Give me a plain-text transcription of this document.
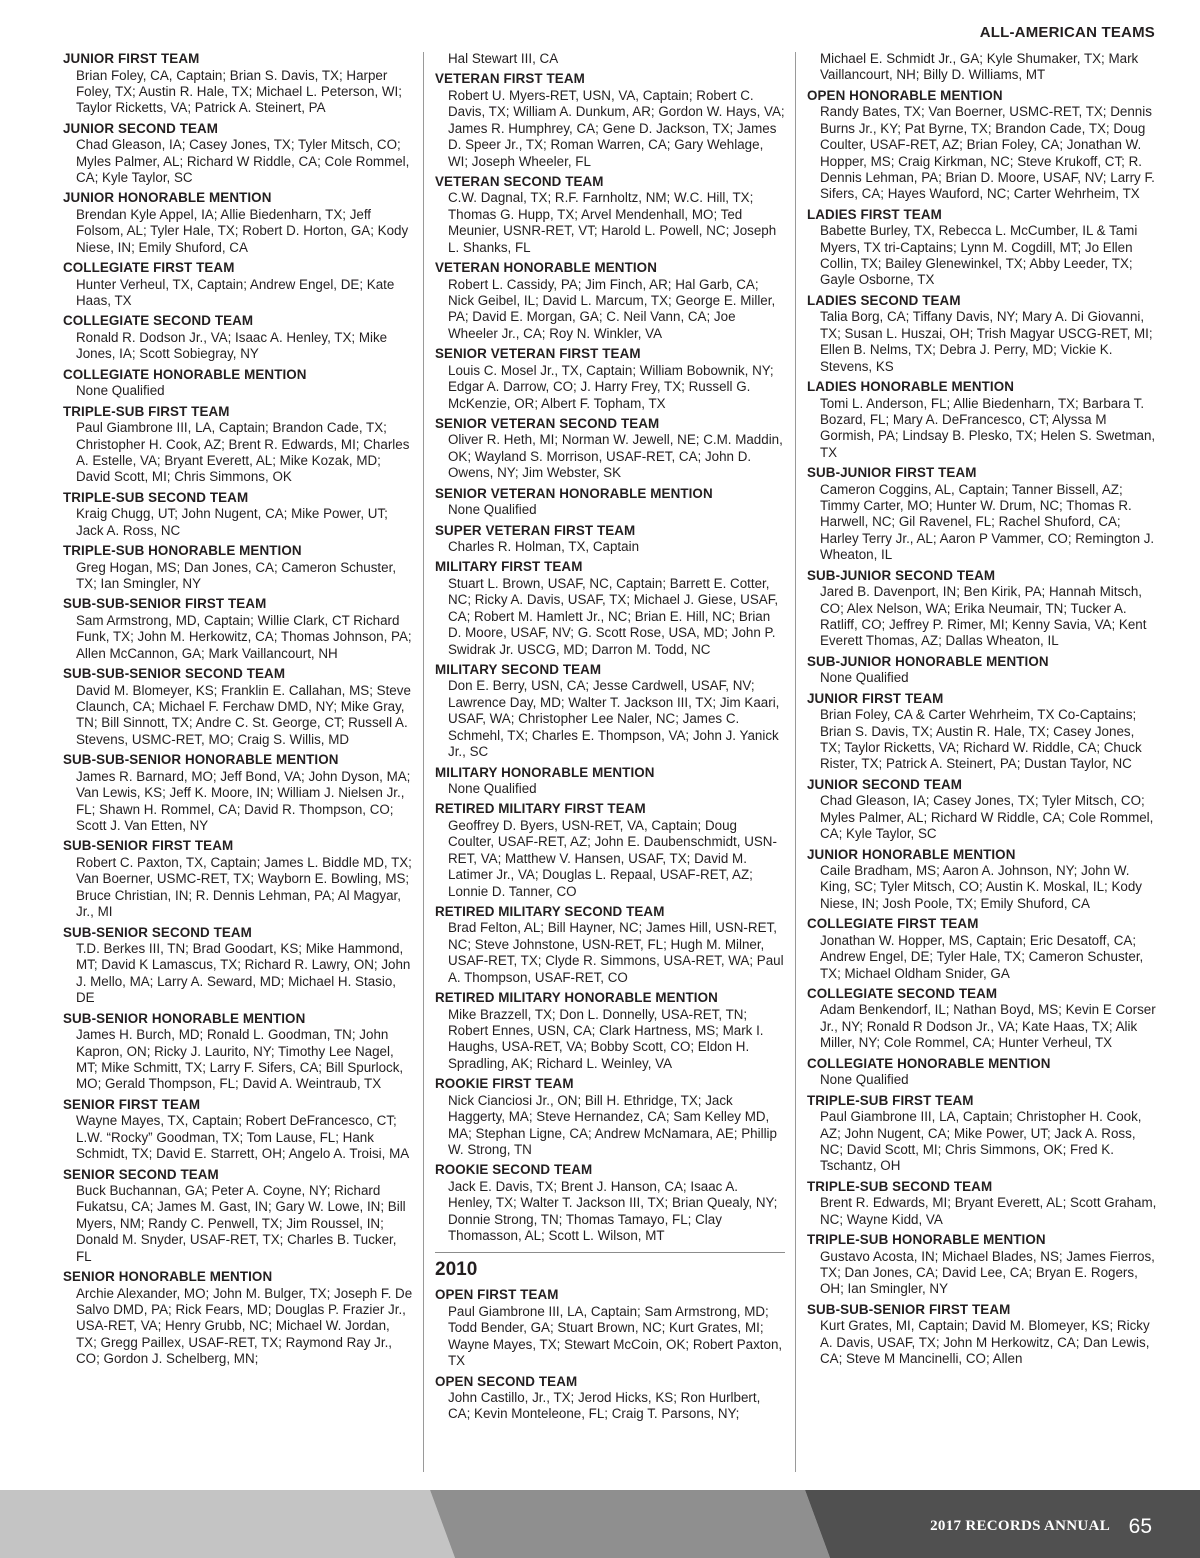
ALL-AMERICAN TEAMS
JUNIOR FIRST TEAM
Brian Foley, CA, Captain; Brian S. Davis, TX; Harper Foley, TX; Austin R. Hale, TX; Michael L. Peterson, WI; Taylor Ricketts, VA; Patrick A. Steinert, PA
JUNIOR SECOND TEAM
Chad Gleason, IA; Casey Jones, TX; Tyler Mitsch, CO; Myles Palmer, AL; Richard W Riddle, CA; Cole Rommel, CA; Kyle Taylor, SC
JUNIOR HONORABLE MENTION
Brendan Kyle Appel, IA; Allie Biedenharn, TX; Jeff Folsom, AL; Tyler Hale, TX; Robert D. Horton, GA; Kody Niese, IN; Emily Shuford, CA
COLLEGIATE FIRST TEAM
Hunter Verheul, TX, Captain; Andrew Engel, DE; Kate Haas, TX
COLLEGIATE SECOND TEAM
Ronald R. Dodson Jr., VA; Isaac A. Henley, TX; Mike Jones, IA; Scott Sobiegray, NY
COLLEGIATE HONORABLE MENTION
None Qualified
TRIPLE-SUB FIRST TEAM
Paul Giambrone III, LA, Captain; Brandon Cade, TX; Christopher H. Cook, AZ; Brent R. Edwards, MI; Charles A. Estelle, VA; Bryant Everett, AL; Mike Kozak, MD; David Scott, MI; Chris Simmons, OK
TRIPLE-SUB SECOND TEAM
Kraig Chugg, UT; John Nugent, CA; Mike Power, UT; Jack A. Ross, NC
TRIPLE-SUB HONORABLE MENTION
Greg Hogan, MS; Dan Jones, CA; Cameron Schuster, TX; Ian Smingler, NY
SUB-SUB-SENIOR FIRST TEAM
Sam Armstrong, MD, Captain; Willie Clark, CT Richard Funk, TX; John M. Herkowitz, CA; Thomas Johnson, PA; Allen McCannon, GA; Mark Vaillancourt, NH
SUB-SUB-SENIOR SECOND TEAM
David M. Blomeyer, KS; Franklin E. Callahan, MS; Steve Claunch, CA; Michael F. Ferchaw DMD, NY; Mike Gray, TN; Bill Sinnott, TX; Andre C. St. George, CT; Russell A. Stevens, USMC-RET, MO; Craig S. Willis, MD
SUB-SUB-SENIOR HONORABLE MENTION
James R. Barnard, MO; Jeff Bond, VA; John Dyson, MA; Van Lewis, KS; Jeff K. Moore, IN; William J. Nielsen Jr., FL; Shawn H. Rommel, CA; David R. Thompson, CO; Scott J. Van Etten, NY
SUB-SENIOR FIRST TEAM
Robert C. Paxton, TX, Captain; James L. Biddle MD, TX; Van Boerner, USMC-RET, TX; Wayborn E. Bowling, MS; Bruce Christian, IN; R. Dennis Lehman, PA; Al Magyar, Jr., MI
SUB-SENIOR SECOND TEAM
T.D. Berkes III, TN; Brad Goodart, KS; Mike Hammond, MT; David K Lamascus, TX; Richard R. Lawry, ON; John J. Mello, MA; Larry A. Seward, MD; Michael H. Stasio, DE
SUB-SENIOR HONORABLE MENTION
James H. Burch, MD; Ronald L. Goodman, TN; John Kapron, ON; Ricky J. Laurito, NY; Timothy Lee Nagel, MT; Mike Schmitt, TX; Larry F. Sifers, CA; Bill Spurlock, MO; Gerald Thompson, FL; David A. Weintraub, TX
SENIOR FIRST TEAM
Wayne Mayes, TX, Captain; Robert DeFrancesco, CT; L.W. “Rocky” Goodman, TX; Tom Lause, FL; Hank Schmidt, TX; David E. Starrett, OH; Angelo A. Troisi, MA
SENIOR SECOND TEAM
Buck Buchannan, GA; Peter A. Coyne, NY; Richard Fukatsu, CA; James M. Gast, IN; Gary W. Lowe, IN; Bill Myers, NM; Randy C. Penwell, TX; Jim Roussel, IN; Donald M. Snyder, USAF-RET, TX; Charles B. Tucker, FL
SENIOR HONORABLE MENTION
Archie Alexander, MO; John M. Bulger, TX; Joseph F. De Salvo DMD, PA; Rick Fears, MD; Douglas P. Frazier Jr., USA-RET, VA; Henry Grubb, NC; Michael W. Jordan, TX; Gregg Paillex, USAF-RET, TX; Raymond Ray Jr., CO; Gordon J. Schelberg, MN;
Hal Stewart III, CA
VETERAN FIRST TEAM
Robert U. Myers-RET, USN, VA, Captain; Robert C. Davis, TX; William A. Dunkum, AR; Gordon W. Hays, VA; James R. Humphrey, CA; Gene D. Jackson, TX; James D. Speer Jr., TX; Roman Warren, CA; Gary Wehlage, WI; Joseph Wheeler, FL
VETERAN SECOND TEAM
C.W. Dagnal, TX; R.F. Farnholtz, NM; W.C. Hill, TX; Thomas G. Hupp, TX; Arvel Mendenhall, MO; Ted Meunier, USNR-RET, VT; Harold L. Powell, NC; Joseph L. Shanks, FL
VETERAN HONORABLE MENTION
Robert L. Cassidy, PA; Jim Finch, AR; Hal Garb, CA; Nick Geibel, IL; David L. Marcum, TX; George E. Miller, PA; David E. Morgan, GA; C. Neil Vann, CA; Joe Wheeler Jr., CA; Roy N. Winkler, VA
SENIOR VETERAN FIRST TEAM
Louis C. Mosel Jr., TX, Captain; William Bobownik, NY; Edgar A. Darrow, CO; J. Harry Frey, TX; Russell G. McKenzie, OR; Albert F. Topham, TX
SENIOR VETERAN SECOND TEAM
Oliver R. Heth, MI; Norman W. Jewell, NE; C.M. Maddin, OK; Wayland S. Morrison, USAF-RET, CA; John D. Owens, NY; Jim Webster, SK
SENIOR VETERAN HONORABLE MENTION
None Qualified
SUPER VETERAN FIRST TEAM
Charles R. Holman, TX, Captain
MILITARY FIRST TEAM
Stuart L. Brown, USAF, NC, Captain; Barrett E. Cotter, NC; Ricky A. Davis, USAF, TX; Michael J. Giese, USAF, CA; Robert M. Hamlett Jr., NC; Brian E. Hill, NC; Brian D. Moore, USAF, NV; G. Scott Rose, USA, MD; John P. Swidrak Jr. USCG, MD; Darron M. Todd, NC
MILITARY SECOND TEAM
Don E. Berry, USN, CA; Jesse Cardwell, USAF, NV; Lawrence Day, MD; Walter T. Jackson III, TX; Jim Kaari, USAF, WA; Christopher Lee Naler, NC; James C. Schmehl, TX; Charles E. Thompson, VA; John J. Yanick Jr., SC
MILITARY HONORABLE MENTION
None Qualified
RETIRED MILITARY FIRST TEAM
Geoffrey D. Byers, USN-RET, VA, Captain; Doug Coulter, USAF-RET, AZ; John E. Daubenschmidt, USN-RET, VA; Matthew V. Hansen, USAF, TX; David M. Latimer Jr., VA; Douglas L. Repaal, USAF-RET, AZ; Lonnie D. Tanner, CO
RETIRED MILITARY SECOND TEAM
Brad Felton, AL; Bill Hayner, NC; James Hill, USN-RET, NC; Steve Johnstone, USN-RET, FL; Hugh M. Milner, USAF-RET, TX; Clyde R. Simmons, USA-RET, WA; Paul A. Thompson, USAF-RET, CO
RETIRED MILITARY HONORABLE MENTION
Mike Brazzell, TX; Don L. Donnelly, USA-RET, TN; Robert Ennes, USN, CA; Clark Hartness, MS; Mark I. Haughs, USA-RET, VA; Bobby Scott, CO; Eldon H. Spradling, AK; Richard L. Weinley, VA
ROOKIE FIRST TEAM
Nick Cianciosi Jr., ON; Bill H. Ethridge, TX; Jack Haggerty, MA; Steve Hernandez, CA; Sam Kelley MD, MA; Stephan Ligne, CA; Andrew McNamara, AE; Phillip W. Strong, TN
ROOKIE SECOND TEAM
Jack E. Davis, TX; Brent J. Hanson, CA; Isaac A. Henley, TX; Walter T. Jackson III, TX; Brian Quealy, NY; Donnie Strong, TN; Thomas Tamayo, FL; Clay Thomasson, AL; Scott L. Wilson, MT
2010
OPEN FIRST TEAM
Paul Giambrone III, LA, Captain; Sam Armstrong, MD; Todd Bender, GA; Stuart Brown, NC; Kurt Grates, MI; Wayne Mayes, TX; Stewart McCoin, OK; Robert Paxton, TX
OPEN SECOND TEAM
John Castillo, Jr., TX; Jerod Hicks, KS; Ron Hurlbert, CA; Kevin Monteleone, FL; Craig T. Parsons, NY;
Michael E. Schmidt Jr., GA; Kyle Shumaker, TX; Mark Vaillancourt, NH; Billy D. Williams, MT
OPEN HONORABLE MENTION
Randy Bates, TX; Van Boerner, USMC-RET, TX; Dennis Burns Jr., KY; Pat Byrne, TX; Brandon Cade, TX; Doug Coulter, USAF-RET, AZ; Brian Foley, CA; Jonathan W. Hopper, MS; Craig Kirkman, NC; Steve Krukoff, CT; R. Dennis Lehman, PA; Brian D. Moore, USAF, NV; Larry F. Sifers, CA; Hayes Wauford, NC; Carter Wehrheim, TX
LADIES FIRST TEAM
Babette Burley, TX, Rebecca L. McCumber, IL & Tami Myers, TX tri-Captains; Lynn M. Cogdill, MT; Jo Ellen Collin, TX; Bailey Glenewinkel, TX; Abby Leeder, TX; Gayle Osborne, TX
LADIES SECOND TEAM
Talia Borg, CA; Tiffany Davis, NY; Mary A. Di Giovanni, TX; Susan L. Huszai, OH; Trish Magyar USCG-RET, MI; Ellen B. Nelms, TX; Debra J. Perry, MD; Vickie K. Stevens, KS
LADIES HONORABLE MENTION
Tomi L. Anderson, FL; Allie Biedenharn, TX; Barbara T. Bozard, FL; Mary A. DeFrancesco, CT; Alyssa M Gormish, PA; Lindsay B. Plesko, TX; Helen S. Swetman, TX
SUB-JUNIOR FIRST TEAM
Cameron Coggins, AL, Captain; Tanner Bissell, AZ; Timmy Carter, MO; Hunter W. Drum, NC; Thomas R. Harwell, NC; Gil Ravenel, FL; Rachel Shuford, CA; Harley Terry Jr., AL; Aaron P Vammer, CO; Remington J. Wheaton, IL
SUB-JUNIOR SECOND TEAM
Jared B. Davenport, IN; Ben Kirik, PA; Hannah Mitsch, CO; Alex Nelson, WA; Erika Neumair, TN; Tucker A. Ratliff, CO; Jeffrey P. Rimer, MI; Kenny Savia, VA; Kent Everett Thomas, AZ; Dallas Wheaton, IL
SUB-JUNIOR HONORABLE MENTION
None Qualified
JUNIOR FIRST TEAM
Brian Foley, CA & Carter Wehrheim, TX Co-Captains; Brian S. Davis, TX; Austin R. Hale, TX; Casey Jones, TX; Taylor Ricketts, VA; Richard W. Riddle, CA; Chuck Rister, TX; Patrick A. Steinert, PA; Dustan Taylor, NC
JUNIOR SECOND TEAM
Chad Gleason, IA; Casey Jones, TX; Tyler Mitsch, CO; Myles Palmer, AL; Richard W Riddle, CA; Cole Rommel, CA; Kyle Taylor, SC
JUNIOR HONORABLE MENTION
Caile Bradham, MS; Aaron A. Johnson, NY; John W. King, SC; Tyler Mitsch, CO; Austin K. Moskal, IL; Kody Niese, IN; Josh Poole, TX; Emily Shuford, CA
COLLEGIATE FIRST TEAM
Jonathan W. Hopper, MS, Captain; Eric Desatoff, CA; Andrew Engel, DE; Tyler Hale, TX; Cameron Schuster, TX; Michael Oldham Snider, GA
COLLEGIATE SECOND TEAM
Adam Benkendorf, IL; Nathan Boyd, MS; Kevin E Corser Jr., NY; Ronald R Dodson Jr., VA; Kate Haas, TX; Alik Miller, NY; Cole Rommel, CA; Hunter Verheul, TX
COLLEGIATE HONORABLE MENTION
None Qualified
TRIPLE-SUB FIRST TEAM
Paul Giambrone III, LA, Captain; Christopher H. Cook, AZ; John Nugent, CA; Mike Power, UT; Jack A. Ross, NC; David Scott, MI; Chris Simmons, OK; Fred K. Tschantz, OH
TRIPLE-SUB SECOND TEAM
Brent R. Edwards, MI; Bryant Everett, AL; Scott Graham, NC; Wayne Kidd, VA
TRIPLE-SUB HONORABLE MENTION
Gustavo Acosta, IN; Michael Blades, NS; James Fierros, TX; Dan Jones, CA; David Lee, CA; Bryan E. Rogers, OH; Ian Smingler, NY
SUB-SUB-SENIOR FIRST TEAM
Kurt Grates, MI, Captain; David M. Blomeyer, KS; Ricky A. Davis, USAF, TX; John M Herkowitz, CA; Dan Lewis, CA; Steve M Mancinelli, CO; Allen
2017 RECORDS ANNUAL 65
